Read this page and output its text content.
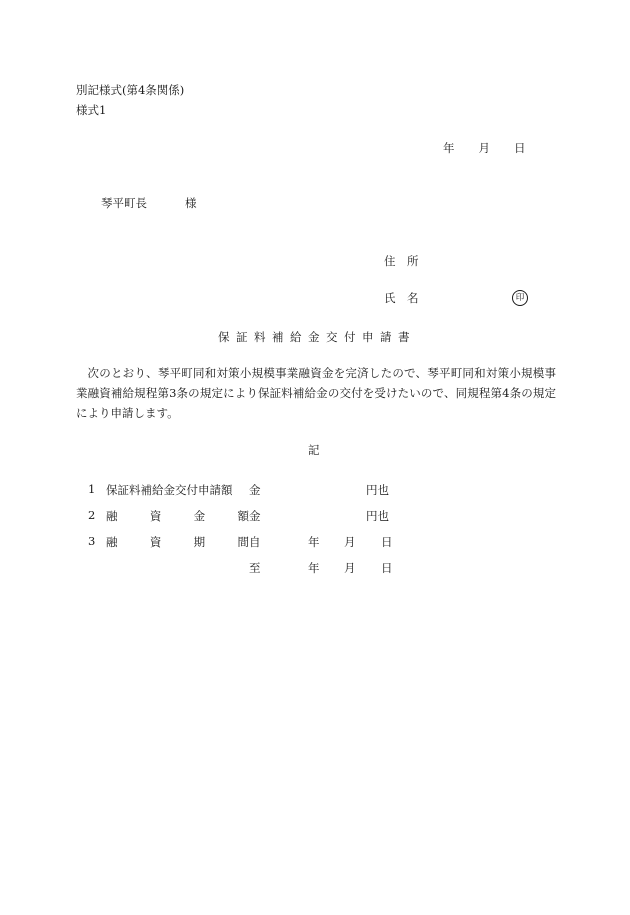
別記様式(第4条関係)
様式1
年 月 日
琴平町長	様
住　所
氏　名	印
保証料補給金交付申請書
次のとおり、琴平町同和対策小規模事業融資金を完済したので、琴平町同和対策小規模事業融資補給規程第3条の規定により保証料補給金の交付を受けたいので、同規程第4条の規定により申請します。
記
1 保証料補給金交付申請額 金	円也
2 融	資	金	額 金	円也
3 融	資	期	間 自	年 月 日
至	年 月 日
